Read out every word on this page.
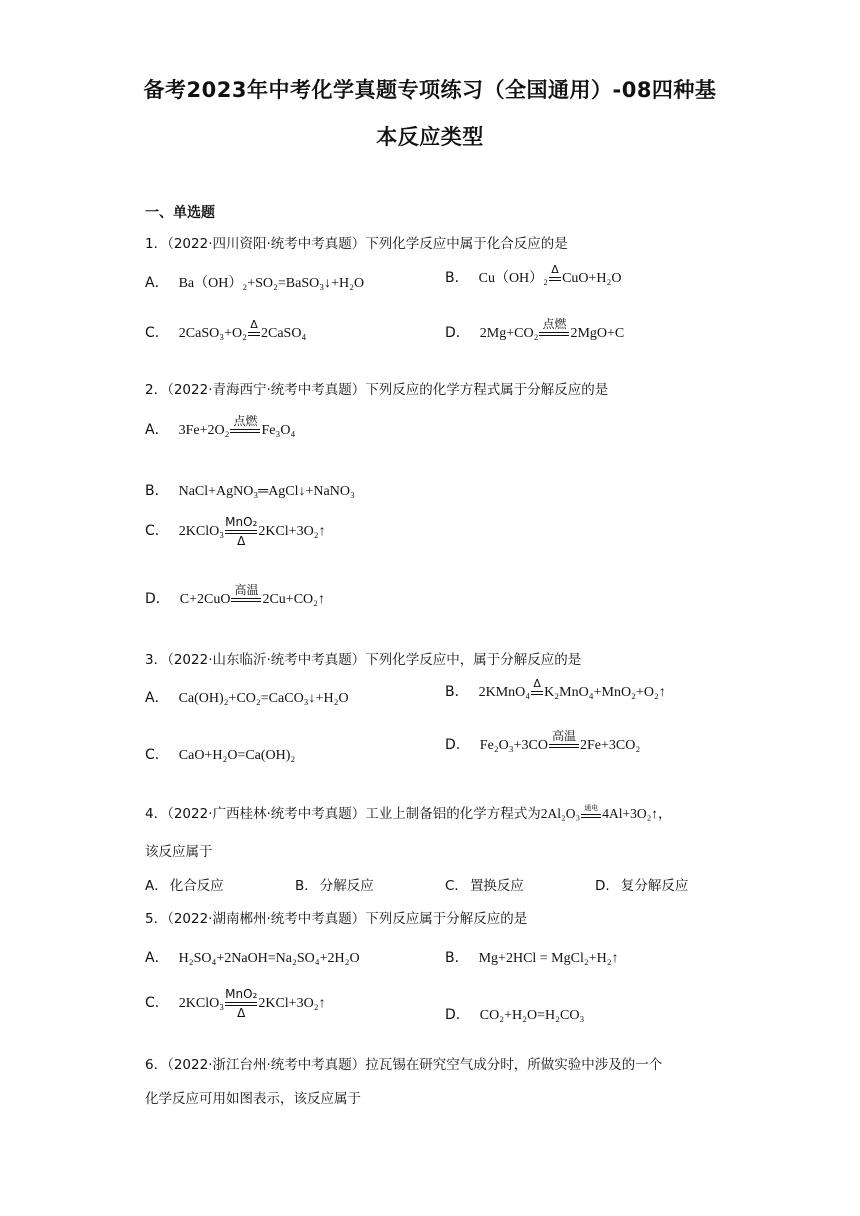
备考2023年中考化学真题专项练习（全国通用）-08四种基
本反应类型
一、单选题
1．（2022·四川资阳·统考中考真题）下列化学反应中属于化合反应的是
A． Ba（OH）₂+SO₂=BaSO₃↓+H₂O	B． Cu（OH）₂
Δ
CuO+H₂O
C． 2CaSO₃+O₂
Δ
2CaSO₄	D． 2Mg+CO₂
点燃
2MgO+C
2．（2022·青海西宁·统考中考真题）下列反应的化学方程式属于分解反应的是
A． 3Fe+2O₂
点燃
Fe₃O₄
B． NaCl+AgNO₃═AgCl↓+NaNO₃
C． 2KClO₃
MnO₂
Δ
2KCl+3O₂↑
D． C+2CuO
高温
2Cu+CO₂↑
3．（2022·山东临沂·统考中考真题）下列化学反应中，属于分解反应的是
A． Ca(OH)₂+CO₂=CaCO₃↓+H₂O	B． 2KMnO₄
Δ
K₂MnO₄+MnO₂+O₂↑
C． CaO+H₂O=Ca(OH)₂
D． Fe₂O₃+3CO
高温
2Fe+3CO₂
4．（2022·广西桂林·统考中考真题）工业上制备铝的化学方程式为2Al₂O₃ 通电 4Al+3O₂↑，
该反应属于
A． 化合反应	B． 分解反应	C． 置换反应	D． 复分解反应
5．（2022·湖南郴州·统考中考真题）下列反应属于分解反应的是
A． H₂SO₄+2NaOH=Na₂SO₄+2H₂O	B． Mg+2HCl = MgCl₂+H₂↑
C． 2KClO₃
MnO₂
Δ
2KCl+3O₂↑
D． CO₂+H₂O=H₂CO₃
6．（2022·浙江台州·统考中考真题）拉瓦锡在研究空气成分时，所做实验中涉及的一个
化学反应可用如图表示，该反应属于
